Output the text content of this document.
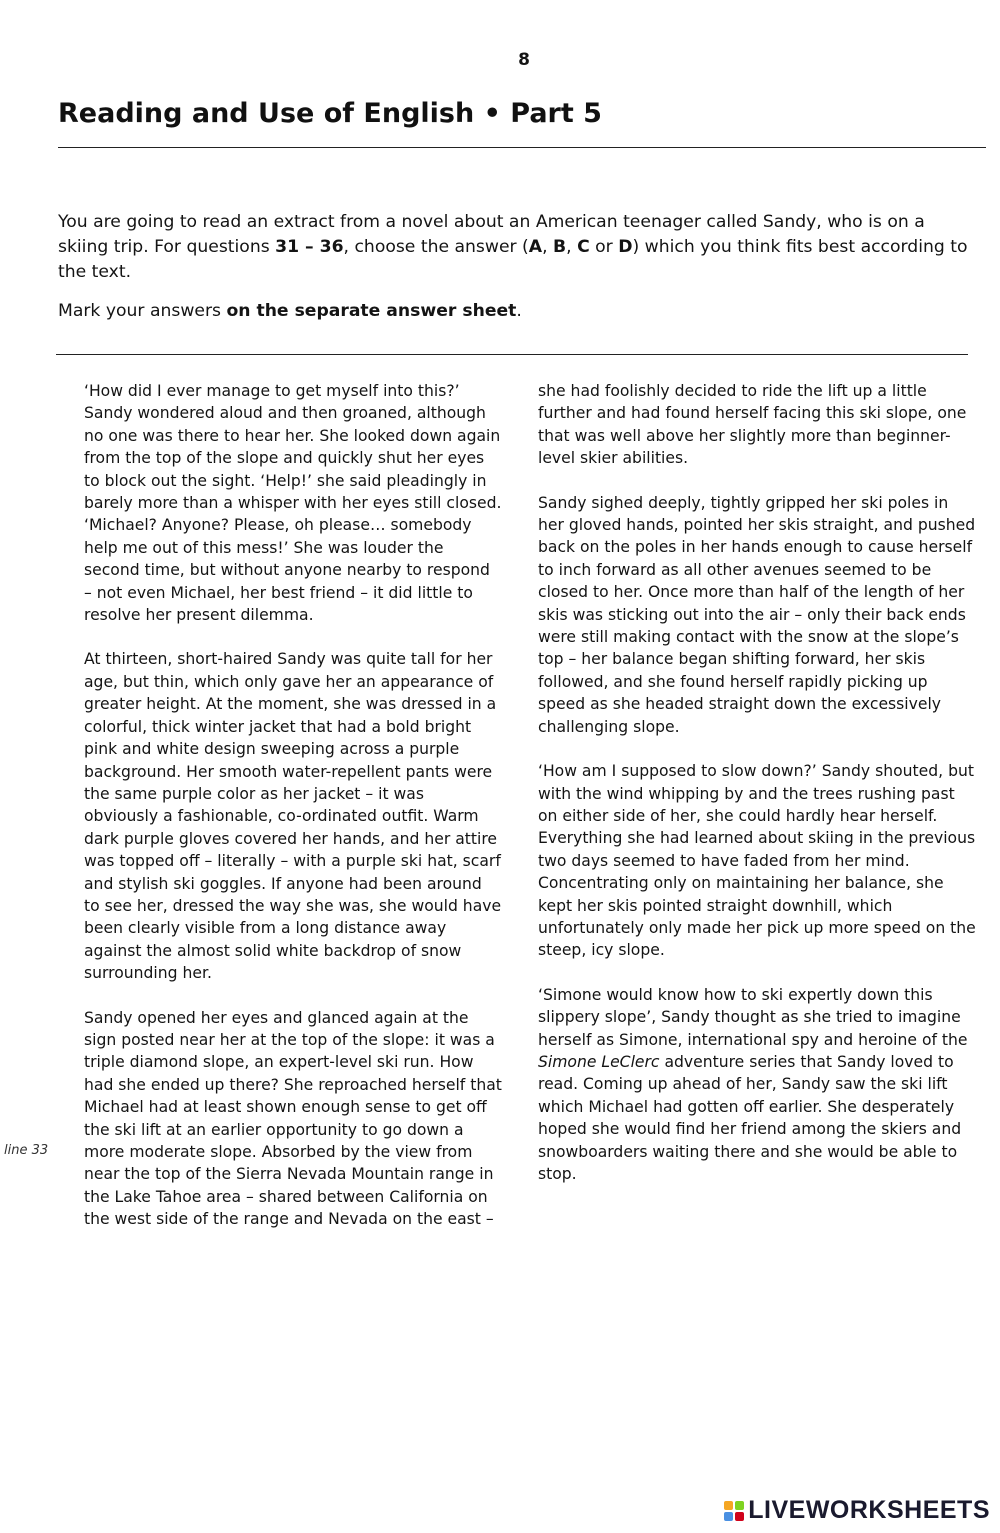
8
Reading and Use of English • Part 5

You are going to read an extract from a novel about an American teenager called Sandy, who is on a skiing trip. For questions 31 – 36, choose the answer (A, B, C or D) which you think fits best according to the text.

Mark your answers on the separate answer sheet.

‘How did I ever manage to get myself into this?’ Sandy wondered aloud and then groaned, although no one was there to hear her. She looked down again from the top of the slope and quickly shut her eyes to block out the sight. ‘Help!’ she said pleadingly in barely more than a whisper with her eyes still closed. ‘Michael? Anyone? Please, oh please… somebody help me out of this mess!’ She was louder the second time, but without anyone nearby to respond – not even Michael, her best friend – it did little to resolve her present dilemma.

At thirteen, short-haired Sandy was quite tall for her age, but thin, which only gave her an appearance of greater height. At the moment, she was dressed in a colorful, thick winter jacket that had a bold bright pink and white design sweeping across a purple background. Her smooth water-repellent pants were the same purple color as her jacket – it was obviously a fashionable, co-ordinated outfit. Warm dark purple gloves covered her hands, and her attire was topped off – literally – with a purple ski hat, scarf and stylish ski goggles. If anyone had been around to see her, dressed the way she was, she would have been clearly visible from a long distance away against the almost solid white backdrop of snow surrounding her.

Sandy opened her eyes and glanced again at the sign posted near her at the top of the slope: it was a triple diamond slope, an expert-level ski run. How had she ended up there? She reproached herself that Michael had at least shown enough sense to get off the ski lift at an earlier opportunity to go down a more moderate slope. Absorbed by the view from near the top of the Sierra Nevada Mountain range in the Lake Tahoe area – shared between California on the west side of the range and Nevada on the east –

line 33

she had foolishly decided to ride the lift up a little further and had found herself facing this ski slope, one that was well above her slightly more than beginner-level skier abilities.

Sandy sighed deeply, tightly gripped her ski poles in her gloved hands, pointed her skis straight, and pushed back on the poles in her hands enough to cause herself to inch forward as all other avenues seemed to be closed to her. Once more than half of the length of her skis was sticking out into the air – only their back ends were still making contact with the snow at the slope’s top – her balance began shifting forward, her skis followed, and she found herself rapidly picking up speed as she headed straight down the excessively challenging slope.

‘How am I supposed to slow down?’ Sandy shouted, but with the wind whipping by and the trees rushing past on either side of her, she could hardly hear herself. Everything she had learned about skiing in the previous two days seemed to have faded from her mind. Concentrating only on maintaining her balance, she kept her skis pointed straight downhill, which unfortunately only made her pick up more speed on the steep, icy slope.

‘Simone would know how to ski expertly down this slippery slope’, Sandy thought as she tried to imagine herself as Simone, international spy and heroine of the Simone LeClerc adventure series that Sandy loved to read. Coming up ahead of her, Sandy saw the ski lift which Michael had gotten off earlier. She desperately hoped she would find her friend among the skiers and snowboarders waiting there and she would be able to stop.

LIVEWORKSHEETS
